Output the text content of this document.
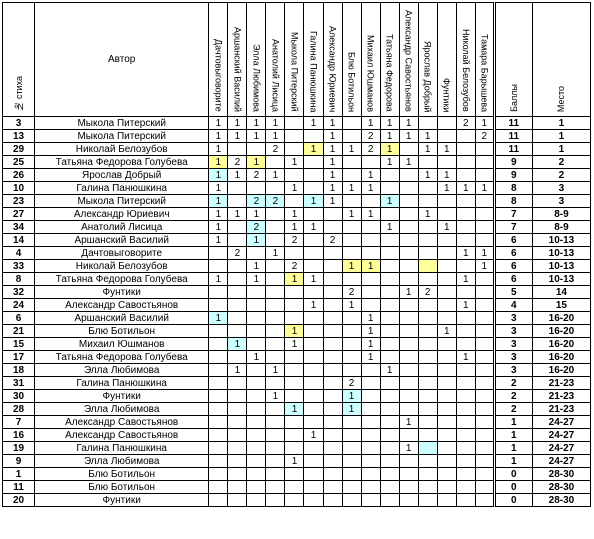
№ стиха	Автор	Дачтовыговорите	Аршанский Василий	Элла Любимова	Анатолий Лисица	Мыкола Питерский	Галина Панюшкина	Александр Юриевич	Блю Ботильон	Михаил Юшманов	Татьяна Федорова	Александр Савостьянов	Ярослав Добрый	Фунтики	Николай Белозубов	Тамара Барышева	Баллы	Место

3	Мыкола Питерский	1	1	1	1		1	1		1	1	1			2	1	11	1
13	Мыкола Питерский	1	1	1	1			1		2	1	1	1			2	11	1
29	Николай Белозубов	1			2		1	1	1	2	1		1	1			11	1
25	Татьяна Федорова Голубева	1	2	1		1		1			1	1					9	2
26	Ярослав Добрый	1	1	2	1			1		1			1	1			9	2
10	Галина Панюшкина	1				1		1	1	1				1	1	1	8	3
23	Мыкола Питерский	1		2	2		1	1			1						8	3
27	Александр Юриевич	1	1	1		1			1	1			1				7	8-9
34	Анатолий Лисица	1		2		1	1				1			1			7	8-9
14	Аршанский Василий	1		1		2		2									6	10-13
4	Дачтовыговорите		2		1										1	1	6	10-13
33	Николай Белозубов			1		2			1	1						1	6	10-13
8	Татьяна Федорова Голубева	1		1		1	1								1		6	10-13
32	Фунтики								2			1	2				5	14
24	Александр Савостьянов						1		1						1		4	15
6	Аршанский Василий	1								1							3	16-20
21	Блю Ботильон					1				1				1			3	16-20
15	Михаил Юшманов		1			1				1							3	16-20
17	Татьяна Федорова Голубева			1						1					1		3	16-20
18	Элла Любимова		1		1						1						3	16-20
31	Галина Панюшкина								2								2	21-23
30	Фунтики				1				1								2	21-23
28	Элла Любимова					1			1								2	21-23
7	Александр Савостьянов											1					1	24-27
16	Александр Савостьянов						1										1	24-27
19	Галина Панюшкина											1					1	24-27
9	Элла Любимова					1											1	24-27
1	Блю Ботильон																0	28-30
11	Блю Ботильон																0	28-30
20	Фунтики																0	28-30
